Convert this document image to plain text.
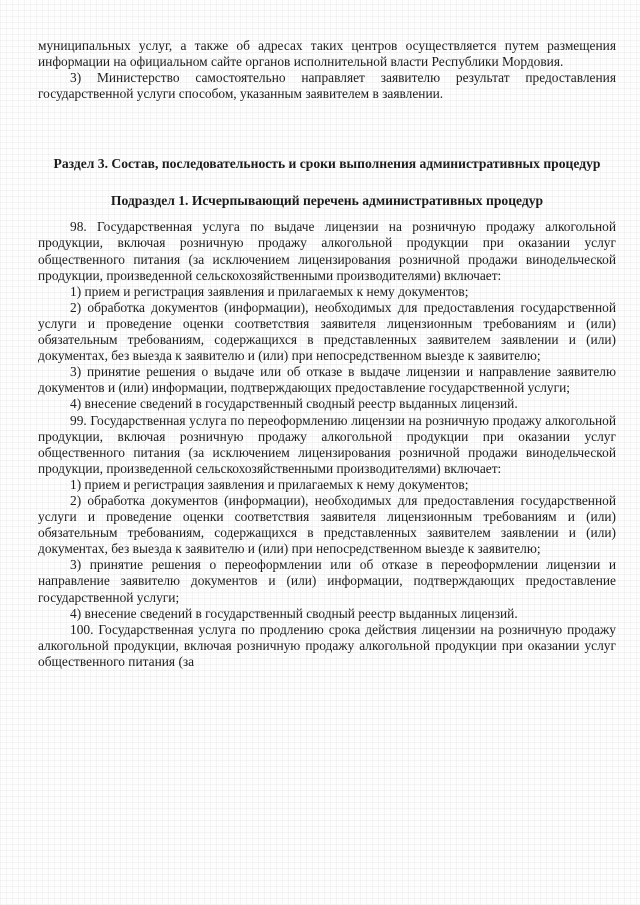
муниципальных услуг, а также об адресах таких центров осуществляется путем размещения информации на официальном сайте органов исполнительной власти Республики Мордовия.

3) Министерство самостоятельно направляет заявителю результат предоставления государственной услуги способом, указанным заявителем в заявлении.

Раздел 3. Состав, последовательность и сроки выполнения административных процедур

Подраздел 1. Исчерпывающий перечень административных процедур

98. Государственная услуга по выдаче лицензии на розничную продажу алкогольной продукции, включая розничную продажу алкогольной продукции при оказании услуг общественного питания (за исключением лицензирования розничной продажи винодельческой продукции, произведенной сельскохозяйственными производителями) включает:

1) прием и регистрация заявления и прилагаемых к нему документов;

2) обработка документов (информации), необходимых для предоставления государственной услуги и проведение оценки соответствия заявителя лицензионным требованиям и (или) обязательным требованиям, содержащихся в представленных заявителем заявлении и (или) документах, без выезда к заявителю и (или) при непосредственном выезде к заявителю;

3) принятие решения о выдаче или об отказе в выдаче лицензии и направление заявителю документов и (или) информации, подтверждающих предоставление государственной услуги;

4) внесение сведений в государственный сводный реестр выданных лицензий.

99. Государственная услуга по переоформлению лицензии на розничную продажу алкогольной продукции, включая розничную продажу алкогольной продукции при оказании услуг общественного питания (за исключением лицензирования розничной продажи винодельческой продукции, произведенной сельскохозяйственными производителями) включает:

1) прием и регистрация заявления и прилагаемых к нему документов;

2) обработка документов (информации), необходимых для предоставления государственной услуги и проведение оценки соответствия заявителя лицензионным требованиям и (или) обязательным требованиям, содержащихся в представленных заявителем заявлении и (или) документах, без выезда к заявителю и (или) при непосредственном выезде к заявителю;

3) принятие решения о переоформлении или об отказе в переоформлении лицензии и направление заявителю документов и (или) информации, подтверждающих предоставление государственной услуги;

4) внесение сведений в государственный сводный реестр выданных лицензий.

100. Государственная услуга по продлению срока действия лицензии на розничную продажу алкогольной продукции, включая розничную продажу алкогольной продукции при оказании услуг общественного питания (за
